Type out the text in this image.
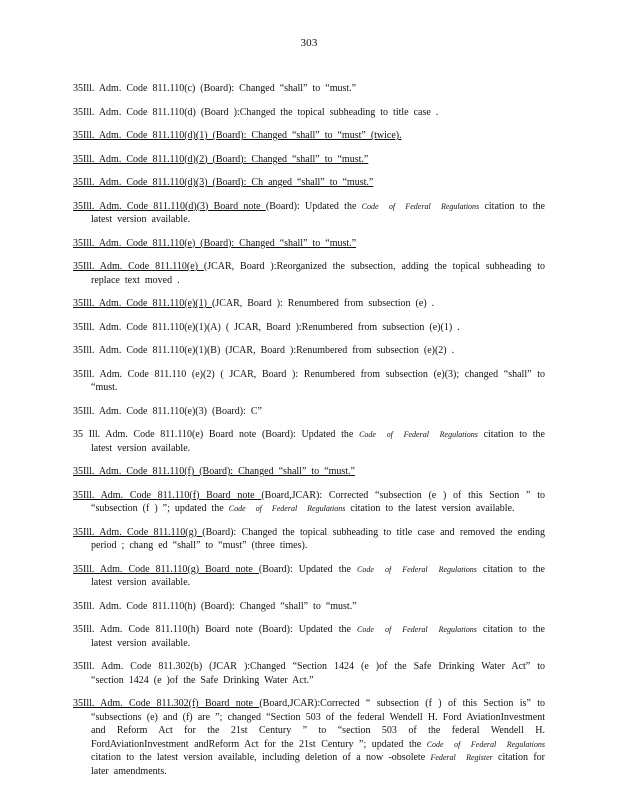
303

35Ill. Adm. Code 811.110(c) (Board): Changed “shall” to “must.”

35Ill. Adm. Code 811.110(d) (Board ):Changed the topical subheading to title case .

35Ill. Adm. Code 811.110(d)(1) (Board): Changed “shall” to “must” (twice).

35Ill. Adm. Code 811.110(d)(2) (Board): Changed “shall” to “must.”

35Ill. Adm. Code 811.110(d)(3) (Board): Ch anged “shall” to “must.”

35Ill. Adm. Code 811.110(d)(3) Board note (Board): Updated the Code of Federal Regulations citation to the latest version available.

35Ill. Adm. Code 811.110(e) (Board): Changed “shall” to “must.”

35Ill. Adm. Code 811.110(e) (JCAR, Board ):Reorganized the subsection, adding the topical subheading to replace text moved .

35Ill. Adm. Code 811.110(e)(1) (JCAR, Board ): Renumbered from subsection (e) .

35Ill. Adm. Code 811.110(e)(1)(A) ( JCAR, Board ):Renumbered from subsection (e)(1) .

35Ill. Adm. Code 811.110(e)(1)(B) (JCAR, Board ):Renumbered from subsection (e)(2) .

35Ill. Adm. Code 811.110 (e)(2) ( JCAR, Board ): Renumbered from subsection (e)(3); changed “shall” to “must.

35Ill. Adm. Code 811.110(e)(3) (Board): C”

35 Ill. Adm. Code 811.110(e) Board note (Board): Updated the Code of Federal Regulations citation to the latest version available.

35Ill. Adm. Code 811.110(f) (Board): Changed “shall” to “must.”

35Ill. Adm. Code 811.110(f) Board note (Board,JCAR): Corrected “subsection (e ) of this Section ” to “subsection (f ) ”; updated the Code of Federal Regulations citation to the latest version available.

35Ill. Adm. Code 811.110(g) (Board): Changed the topical subheading to title case and removed the ending period ; chang ed “shall” to “must” (three times).

35Ill. Adm. Code 811.110(g) Board note (Board): Updated the Code of Federal Regulations citation to the latest version available.

35Ill. Adm. Code 811.110(h) (Board): Changed “shall” to “must.”

35Ill. Adm. Code 811.110(h) Board note (Board): Updated the Code of Federal Regulations citation to the latest version available.

35Ill. Adm. Code 811.302(b) (JCAR ):Changed “Section 1424 (e )of the Safe Drinking Water Act” to “section 1424 (e )of the Safe Drinking Water Act.”

35Ill. Adm. Code 811.302(f) Board note (Board,JCAR):Corrected “ subsection (f ) of this Section is” to “subsections (e) and (f) are ”; changed “Section 503 of the federal Wendell H. Ford AviationInvestment and Reform Act for the 21st Century ” to “section 503 of the federal Wendell H. FordAviationInvestment andReform Act for the 21st Century ”; updated the Code of Federal Regulations citation to the latest version available, including deletion of a now -obsolete Federal Register citation for later amendments.
